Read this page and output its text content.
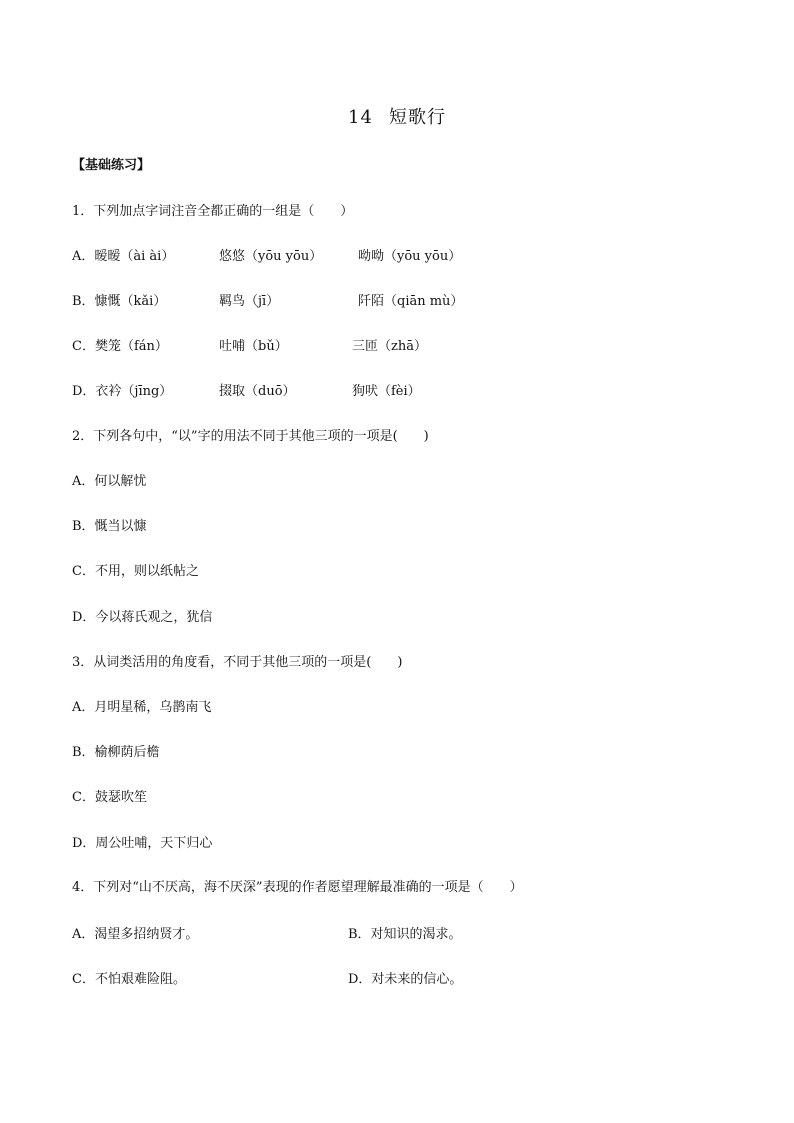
14 短歌行
【基础练习】
1．下列加点字词注音全都正确的一组是（　　）
A．暧暧（ài ài）	悠悠（yōu yōu）	呦呦（yōu yōu）
B．慷慨（kǎi）	羁鸟（jī）	阡陌（qiān mù）
C．樊笼（fán）	吐哺（bǔ）	三匝（zhā）
D．衣衿（jīng）	掇取（duō）	狗吠（fèi）
2．下列各句中，“以”字的用法不同于其他三项的一项是(　　)
A．何以解忧
B．慨当以慷
C．不用，则以纸帖之
D．今以蒋氏观之，犹信
3．从词类活用的角度看，不同于其他三项的一项是(　　)
A．月明星稀，乌鹊南飞
B．榆柳荫后檐
C．鼓瑟吹笙
D．周公吐哺，天下归心
4．下列对“山不厌高，海不厌深”表现的作者愿望理解最准确的一项是（　　）
A．渴望多招纳贤才。	B．对知识的渴求。
C．不怕艰难险阻。	D．对未来的信心。
